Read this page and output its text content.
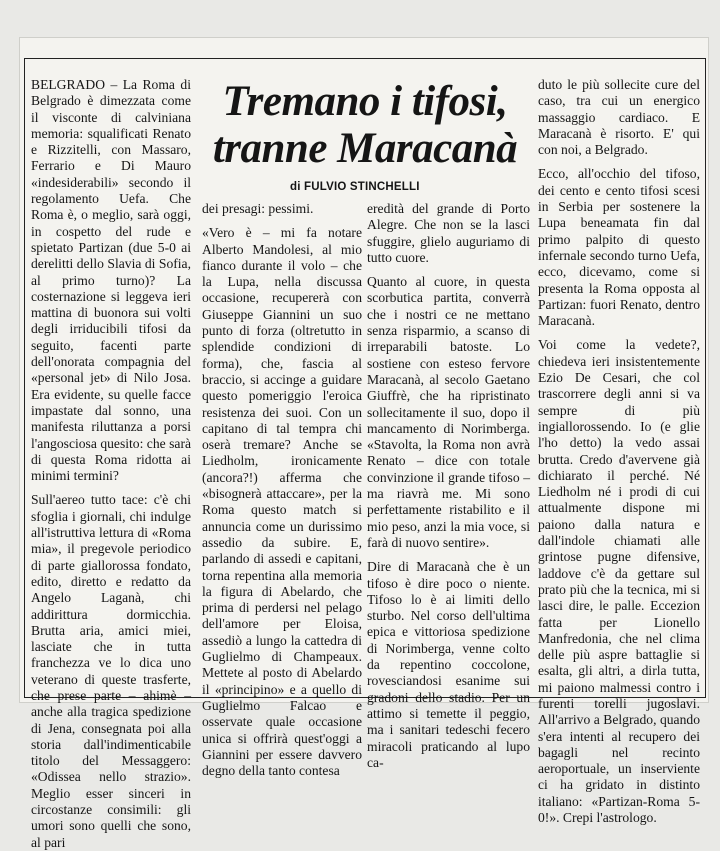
Tremano i tifosi,
tranne Maracanà
di FULVIO STINCHELLI

BELGRADO – La Roma di Belgrado è dimezzata come il visconte di calviniana memoria: squalificati Renato e Rizzitelli, con Massaro, Ferrario e Di Mauro «indesiderabili» secondo il regolamento Uefa. Che Roma è, o meglio, sarà oggi, in cospetto del rude e spietato Partizan (due 5-0 ai derelitti dello Slavia di Sofia, al primo turno)? La costernazione si leggeva ieri mattina di buonora sui volti degli irriducibili tifosi da seguito, facenti parte dell'onorata compagnia del «personal jet» di Nilo Josa. Era evidente, su quelle facce impastate dal sonno, una manifesta riluttanza a porsi l'angosciosa quesito: che sarà di questa Roma ridotta ai minimi termini?

Sull'aereo tutto tace: c'è chi sfoglia i giornali, chi indulge all'istruttiva lettura di «Roma mia», il pregevole periodico di parte giallorossa fondato, edito, diretto e redatto da Angelo Laganà, chi addirittura dormicchia. Brutta aria, amici miei, lasciate che in tutta franchezza ve lo dica uno veterano di queste trasferte, che prese parte – ahimè – anche alla tragica spedizione di Jena, consegnata poi alla storia dall'indimenticabile titolo del Messaggero: «Odissea nello strazio». Meglio esser sinceri in circostanze consimili: gli umori sono quelli che sono, al pari

dei presagi: pessimi.

«Vero è – mi fa notare Alberto Mandolesi, al mio fianco durante il volo – che la Lupa, nella discussa occasione, recupererà con Giuseppe Giannini un suo punto di forza (oltretutto in splendide condizioni di forma), che, fascia al braccio, si accinge a guidare questo pomeriggio l'eroica resistenza dei suoi. Con un capitano di tal tempra chi oserà tremare? Anche se Liedholm, ironicamente (ancora?!) afferma che «bisognerà attaccare», per la Roma questo match si annuncia come un durissimo assedio da subire. E, parlando di assedi e capitani, torna repentina alla memoria la figura di Abelardo, che prima di perdersi nel pelago dell'amore per Eloisa, assediò a lungo la cattedra di Guglielmo di Champeaux. Mettete al posto di Abelardo il «principino» e a quello di Guglielmo Falcao e osservate quale occasione unica si offrirà quest'oggi a Giannini per essere davvero degno della tanto contesa

eredità del grande di Porto Alegre. Che non se la lasci sfuggire, glielo auguriamo di tutto cuore.

Quanto al cuore, in questa scorbutica partita, converrà che i nostri ce ne mettano senza risparmio, a scanso di irreparabili batoste. Lo sostiene con esteso fervore Maracanà, al secolo Gaetano Giuffrè, che ha ripristinato sollecitamente il suo, dopo il mancamento di Norimberga. «Stavolta, la Roma non avrà Renato – dice con totale convinzione il grande tifoso – ma riavrà me. Mi sono perfettamente ristabilito e il mio peso, anzi la mia voce, si farà di nuovo sentire».

Dire di Maracanà che è un tifoso è dire poco o niente. Tifoso lo è ai limiti dello sturbo. Nel corso dell'ultima epica e vittoriosa spedizione di Norimberga, venne colto da repentino coccolone, rovesciandosi esanime sui gradoni dello stadio. Per un attimo si temette il peggio, ma i sanitari tedeschi fecero miracoli praticando al lupo ca-

duto le più sollecite cure del caso, tra cui un energico massaggio cardiaco. E Maracanà è risorto. E' qui con noi, a Belgrado.

Ecco, all'occhio del tifoso, dei cento e cento tifosi scesi in Serbia per sostenere la Lupa beneamata fin dal primo palpito di questo infernale secondo turno Uefa, ecco, dicevamo, come si presenta la Roma opposta al Partizan: fuori Renato, dentro Maracanà.

Voi come la vedete?, chiedeva ieri insistentemente Ezio De Cesari, che col trascorrere degli anni si va sempre di più ingiallorossendo. Io (e glie l'ho detto) la vedo assai brutta. Credo d'avervene già dichiarato il perché. Né Liedholm né i prodi di cui attualmente dispone mi paiono dalla natura e dall'indole chiamati alle grintose pugne difensive, laddove c'è da gettare sul prato più che la tecnica, mi si lasci dire, le palle. Eccezion fatta per Lionello Manfredonia, che nel clima delle più aspre battaglie si esalta, gli altri, a dirla tutta, mi paiono malmessi contro i furenti torelli jugoslavi. All'arrivo a Belgrado, quando s'era intenti al recupero dei bagagli nel recinto aeroportuale, un inserviente ci ha gridato in distinto italiano: «Partizan-Roma 5-0!». Crepi l'astrologo.
